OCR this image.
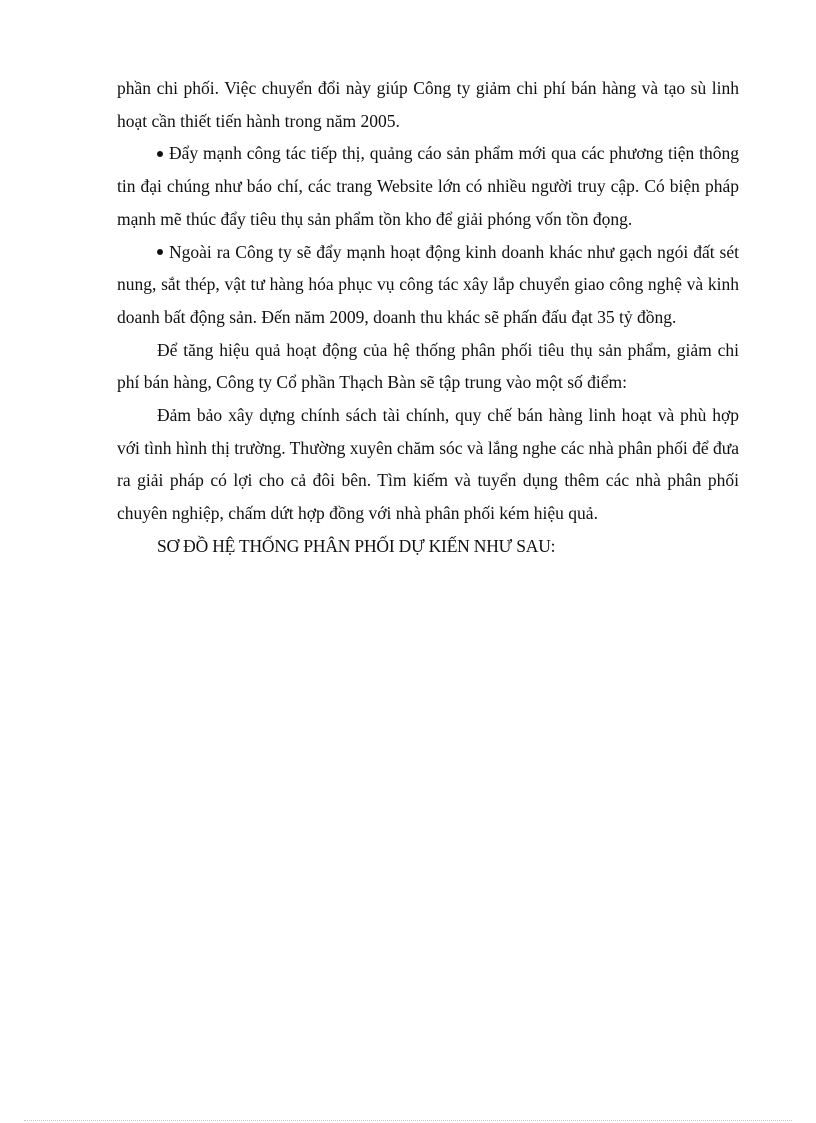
phần chi phối. Việc chuyển đổi này giúp Công ty giảm chi phí bán hàng và tạo sù linh hoạt cần thiết tiến hành trong năm 2005.

Đẩy mạnh công tác tiếp thị, quảng cáo sản phẩm mới qua các phương tiện thông tin đại chúng như báo chí, các trang Website lớn có nhiều người truy cập. Có biện pháp mạnh mẽ thúc đẩy tiêu thụ sản phẩm tồn kho để giải phóng vốn tồn đọng.

Ngoài ra Công ty sẽ đẩy mạnh hoạt động kinh doanh khác như gạch ngói đất sét nung, sắt thép, vật tư hàng hóa phục vụ công tác xây lắp chuyển giao công nghệ và kinh doanh bất động sản. Đến năm 2009, doanh thu khác sẽ phấn đấu đạt 35 tỷ đồng.

Để tăng hiệu quả hoạt động của hệ thống phân phối tiêu thụ sản phẩm, giảm chi phí bán hàng, Công ty Cổ phần Thạch Bàn sẽ tập trung vào một số điểm:

Đảm bảo xây dựng chính sách tài chính, quy chế bán hàng linh hoạt và phù hợp với tình hình thị trường. Thường xuyên chăm sóc và lắng nghe các nhà phân phối để đưa ra giải pháp có lợi cho cả đôi bên. Tìm kiếm và tuyển dụng thêm các nhà phân phối chuyên nghiệp, chấm dứt hợp đồng với nhà phân phối kém hiệu quả.

SƠ ĐỒ HỆ THỐNG PHÂN PHỐI DỰ KIẾN NHƯ SAU:
